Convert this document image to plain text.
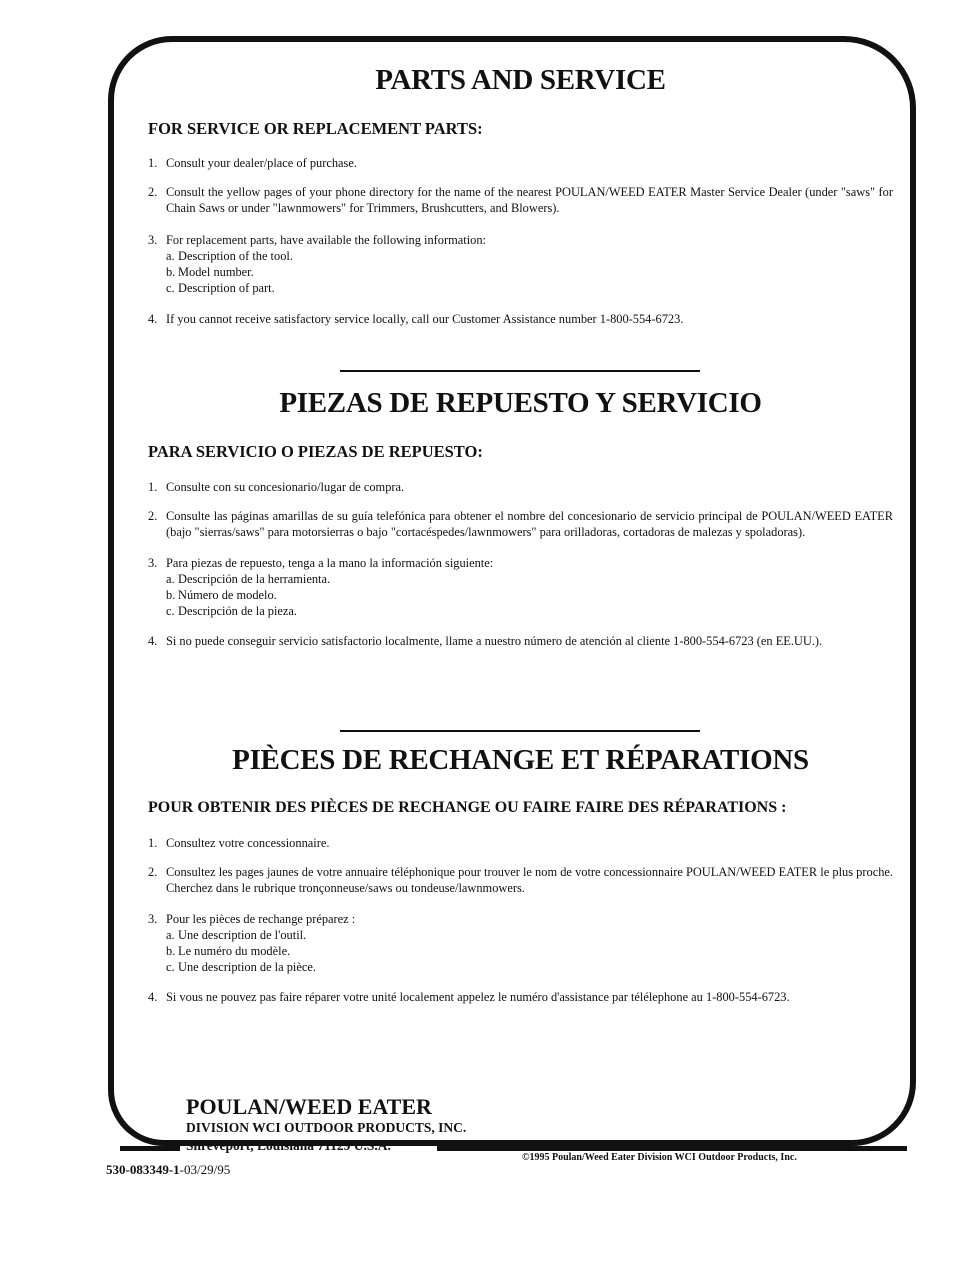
PARTS AND SERVICE
FOR SERVICE OR REPLACEMENT PARTS:
1. Consult your dealer/place of purchase.
2. Consult the yellow pages of your phone directory for the name of the nearest POULAN/WEED EATER Master Service Dealer (under "saws" for Chain Saws or under "lawnmowers" for Trimmers, Brushcutters, and Blowers).
3. For replacement parts, have available the following information:
a. Description of the tool.
b. Model number.
c. Description of part.
4. If you cannot receive satisfactory service locally, call our Customer Assistance number 1-800-554-6723.
PIEZAS DE REPUESTO Y SERVICIO
PARA SERVICIO O PIEZAS DE REPUESTO:
1. Consulte con su concesionario/lugar de compra.
2. Consulte las páginas amarillas de su guía telefónica para obtener el nombre del concesionario de servicio principal de POULAN/WEED EATER (bajo "sierras/saws" para motorsierras o bajo "cortacéspedes/lawnmowers" para orilladoras, cortadoras de malezas y spoladoras).
3. Para piezas de repuesto, tenga a la mano la información siguiente:
a. Descripción de la herramienta.
b. Número de modelo.
c. Descripción de la pieza.
4. Si no puede conseguir servicio satisfactorio localmente, llame a nuestro número de atención al cliente 1-800-554-6723 (en EE.UU.).
PIÈCES DE RECHANGE ET RÉPARATIONS
POUR OBTENIR DES PIÈCES DE RECHANGE OU FAIRE FAIRE DES RÉPARATIONS :
1. Consultez votre concessionnaire.
2. Consultez les pages jaunes de votre annuaire téléphonique pour trouver le nom de votre concessionnaire POULAN/WEED EATER le plus proche. Cherchez dans le rubrique tronçonneuse/saws ou tondeuse/lawnmowers.
3. Pour les pièces de rechange préparez :
a. Une description de l'outil.
b. Le numéro du modèle.
c. Une description de la pièce.
4. Si vous ne pouvez pas faire réparer votre unité localement appelez le numéro d'assistance par télélephone au 1-800-554-6723.
POULAN/WEED EATER
DIVISION WCI OUTDOOR PRODUCTS, INC.
Shreveport, Louisiana 71129 U.S.A.
©1995 Poulan/Weed Eater Division WCI Outdoor Products, Inc.
530-083349-1-03/29/95
